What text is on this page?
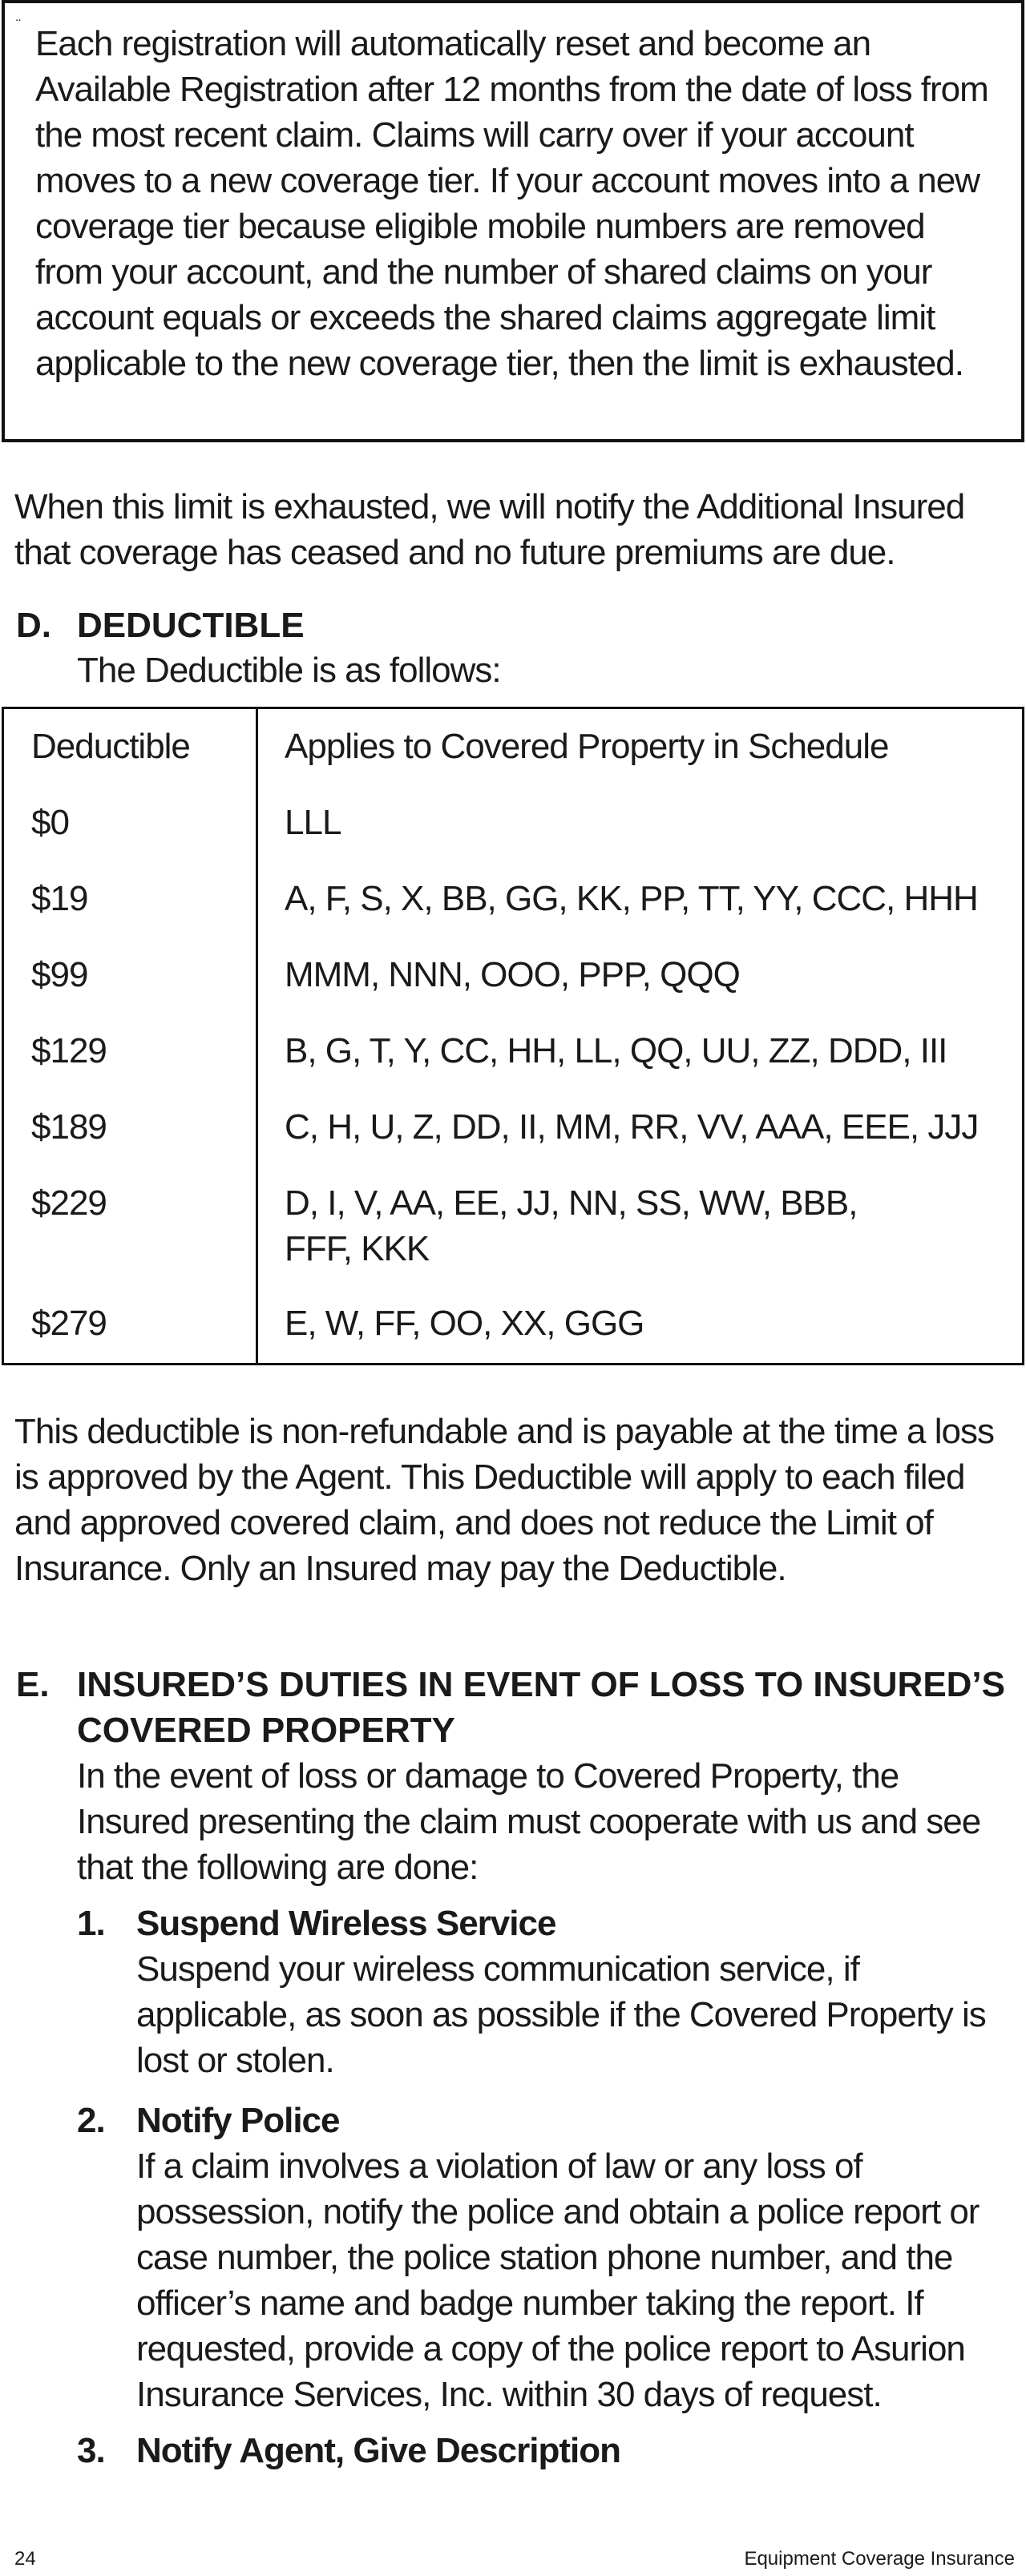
¨ Each registration will automatically reset and become an Available Registration after 12 months from the date of loss from the most recent claim. Claims will carry over if your account moves to a new coverage tier. If your account moves into a new coverage tier because eligible mobile numbers are removed from your account, and the number of shared claims on your account equals or exceeds the shared claims aggregate limit applicable to the new coverage tier, then the limit is exhausted.
When this limit is exhausted, we will notify the Additional Insured that coverage has ceased and no future premiums are due.
D. DEDUCTIBLE
The Deductible is as follows:
Deductible	Applies to Covered Property in Schedule
$0	LLL
$19	A, F, S, X, BB, GG, KK, PP, TT, YY, CCC, HHH
$99	MMM, NNN, OOO, PPP, QQQ
$129	B, G, T, Y, CC, HH, LL, QQ, UU, ZZ, DDD, III
$189	C, H, U, Z, DD, II, MM, RR, VV, AAA, EEE, JJJ
$229	D, I, V, AA, EE, JJ, NN, SS, WW, BBB, FFF, KKK
$279	E, W, FF, OO, XX, GGG
This deductible is non-refundable and is payable at the time a loss is approved by the Agent. This Deductible will apply to each filed and approved covered claim, and does not reduce the Limit of Insurance. Only an Insured may pay the Deductible.
E. INSURED’S DUTIES IN EVENT OF LOSS TO INSURED’S COVERED PROPERTY
In the event of loss or damage to Covered Property, the Insured presenting the claim must cooperate with us and see that the following are done:
1. Suspend Wireless Service
Suspend your wireless communication service, if applicable, as soon as possible if the Covered Property is lost or stolen.
2. Notify Police
If a claim involves a violation of law or any loss of possession, notify the police and obtain a police report or case number, the police station phone number, and the officer’s name and badge number taking the report. If requested, provide a copy of the police report to Asurion Insurance Services, Inc. within 30 days of request.
3. Notify Agent, Give Description
24	Equipment Coverage Insurance
